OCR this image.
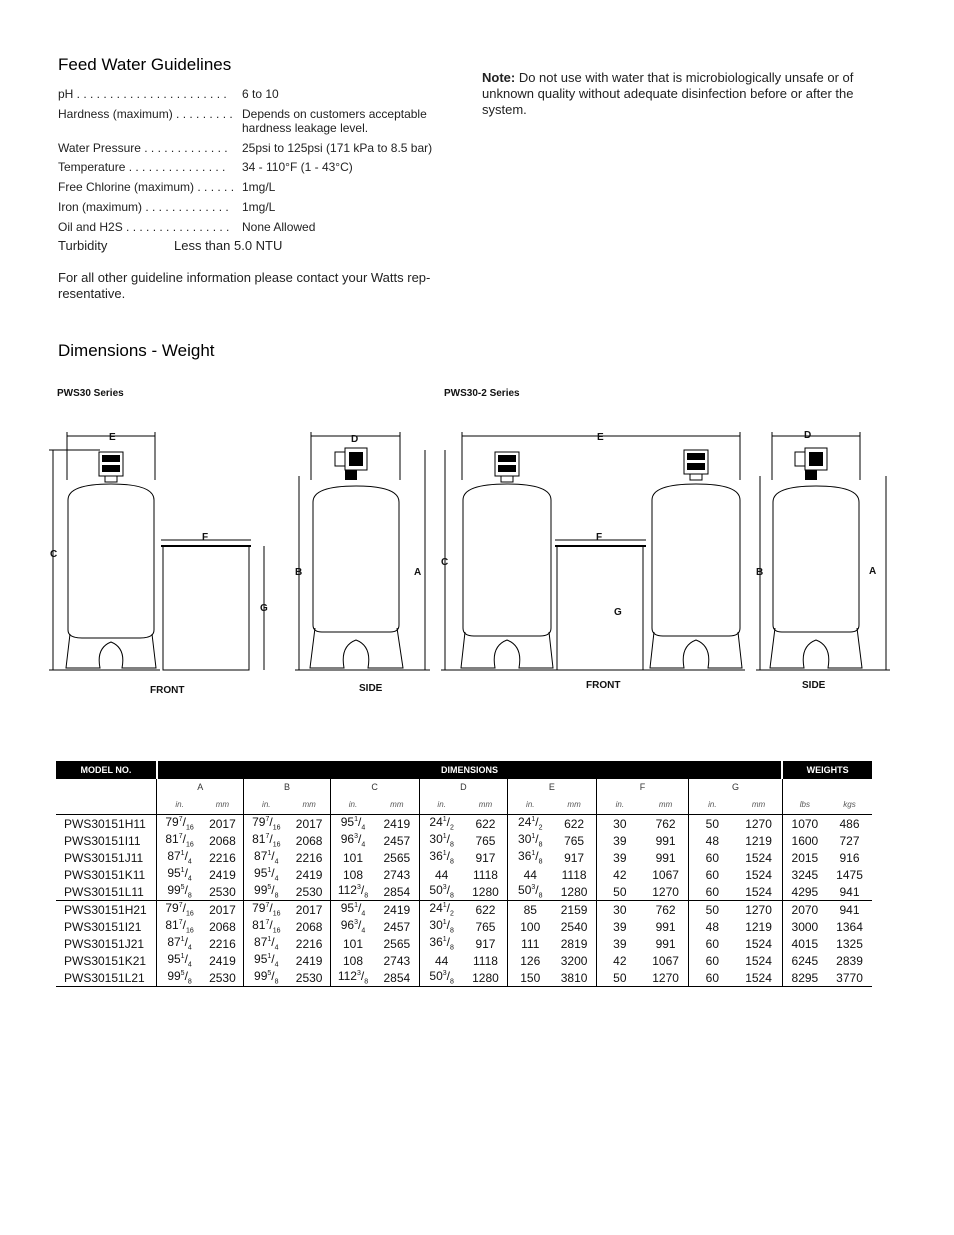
Feed Water Guidelines
pH . . . . . . . . . . . . . . . . . . . . . . . 6 to 10
Hardness (maximum) . . . . . . . . . Depends on customers acceptable hardness leakage level.
Water Pressure . . . . . . . . . . . . . 25psi to 125psi (171 kPa to 8.5 bar)
Temperature . . . . . . . . . . . . . . . 34 - 110°F (1 - 43°C)
Free Chlorine (maximum) . . . . . . 1mg/L
Iron (maximum) . . . . . . . . . . . . . 1mg/L
Oil and H2S . . . . . . . . . . . . . . . . None Allowed
Turbidity	Less than 5.0 NTU
For all other guideline information please contact your Watts rep-resentative.
Note: Do not use with water that is microbiologically unsafe or of unknown quality without adequate disinfection before or after the system.
Dimensions - Weight
PWS30 Series	PWS30-2 Series
E
C
F
G
D
B	A
E
C
F
G
D
B	A
FRONT	SIDE	FRONT	SIDE
MODEL NO.	DIMENSIONS														WEIGHTS	
	A		B		C		D		E		F		G			
	in.	mm	in.	mm	in.	mm	in.	mm	in.	mm	in.	mm	in.	mm	lbs	kgs
PWS30151H11	$79^7/_{16}$	2017	$79^7/_{16}$	2017	$95^1/_4$	2419	$24^1/_2$	622	$24^1/_2$	622	30	762	50	1270	1070	486
PWS30151I11	$81^7/_{16}$	2068	$81^7/_{16}$	2068	$96^3/_4$	2457	$30^1/_8$	765	$30^1/_8$	765	39	991	48	1219	1600	727
PWS30151J11	$87^1/_4$	2216	$87^1/_4$	2216	101	2565	$36^1/_8$	917	$36^1/_8$	917	39	991	60	1524	2015	916
PWS30151K11	$95^1/_4$	2419	$95^1/_4$	2419	108	2743	44	1118	44	1118	42	1067	60	1524	3245	1475
PWS30151L11	$99^5/_8$	2530	$99^5/_8$	2530	$112^3/_8$	2854	$50^3/_8$	1280	$50^3/_8$	1280	50	1270	60	1524	4295	941
PWS30151H21	$79^7/_{16}$	2017	$79^7/_{16}$	2017	$95^1/_4$	2419	$24^1/_2$	622	85	2159	30	762	50	1270	2070	941
PWS30151I21	$81^7/_{16}$	2068	$81^7/_{16}$	2068	$96^3/_4$	2457	$30^1/_8$	765	100	2540	39	991	48	1219	3000	1364
PWS30151J21	$87^1/_4$	2216	$87^1/_4$	2216	101	2565	$36^1/_8$	917	111	2819	39	991	60	1524	4015	1325
PWS30151K21	$95^1/_4$	2419	$95^1/_4$	2419	108	2743	44	1118	126	3200	42	1067	60	1524	6245	2839
PWS30151L21	$99^5/_8$	2530	$99^5/_8$	2530	$112^3/_8$	2854	$50^3/_8$	1280	150	3810	50	1270	60	1524	8295	3770
